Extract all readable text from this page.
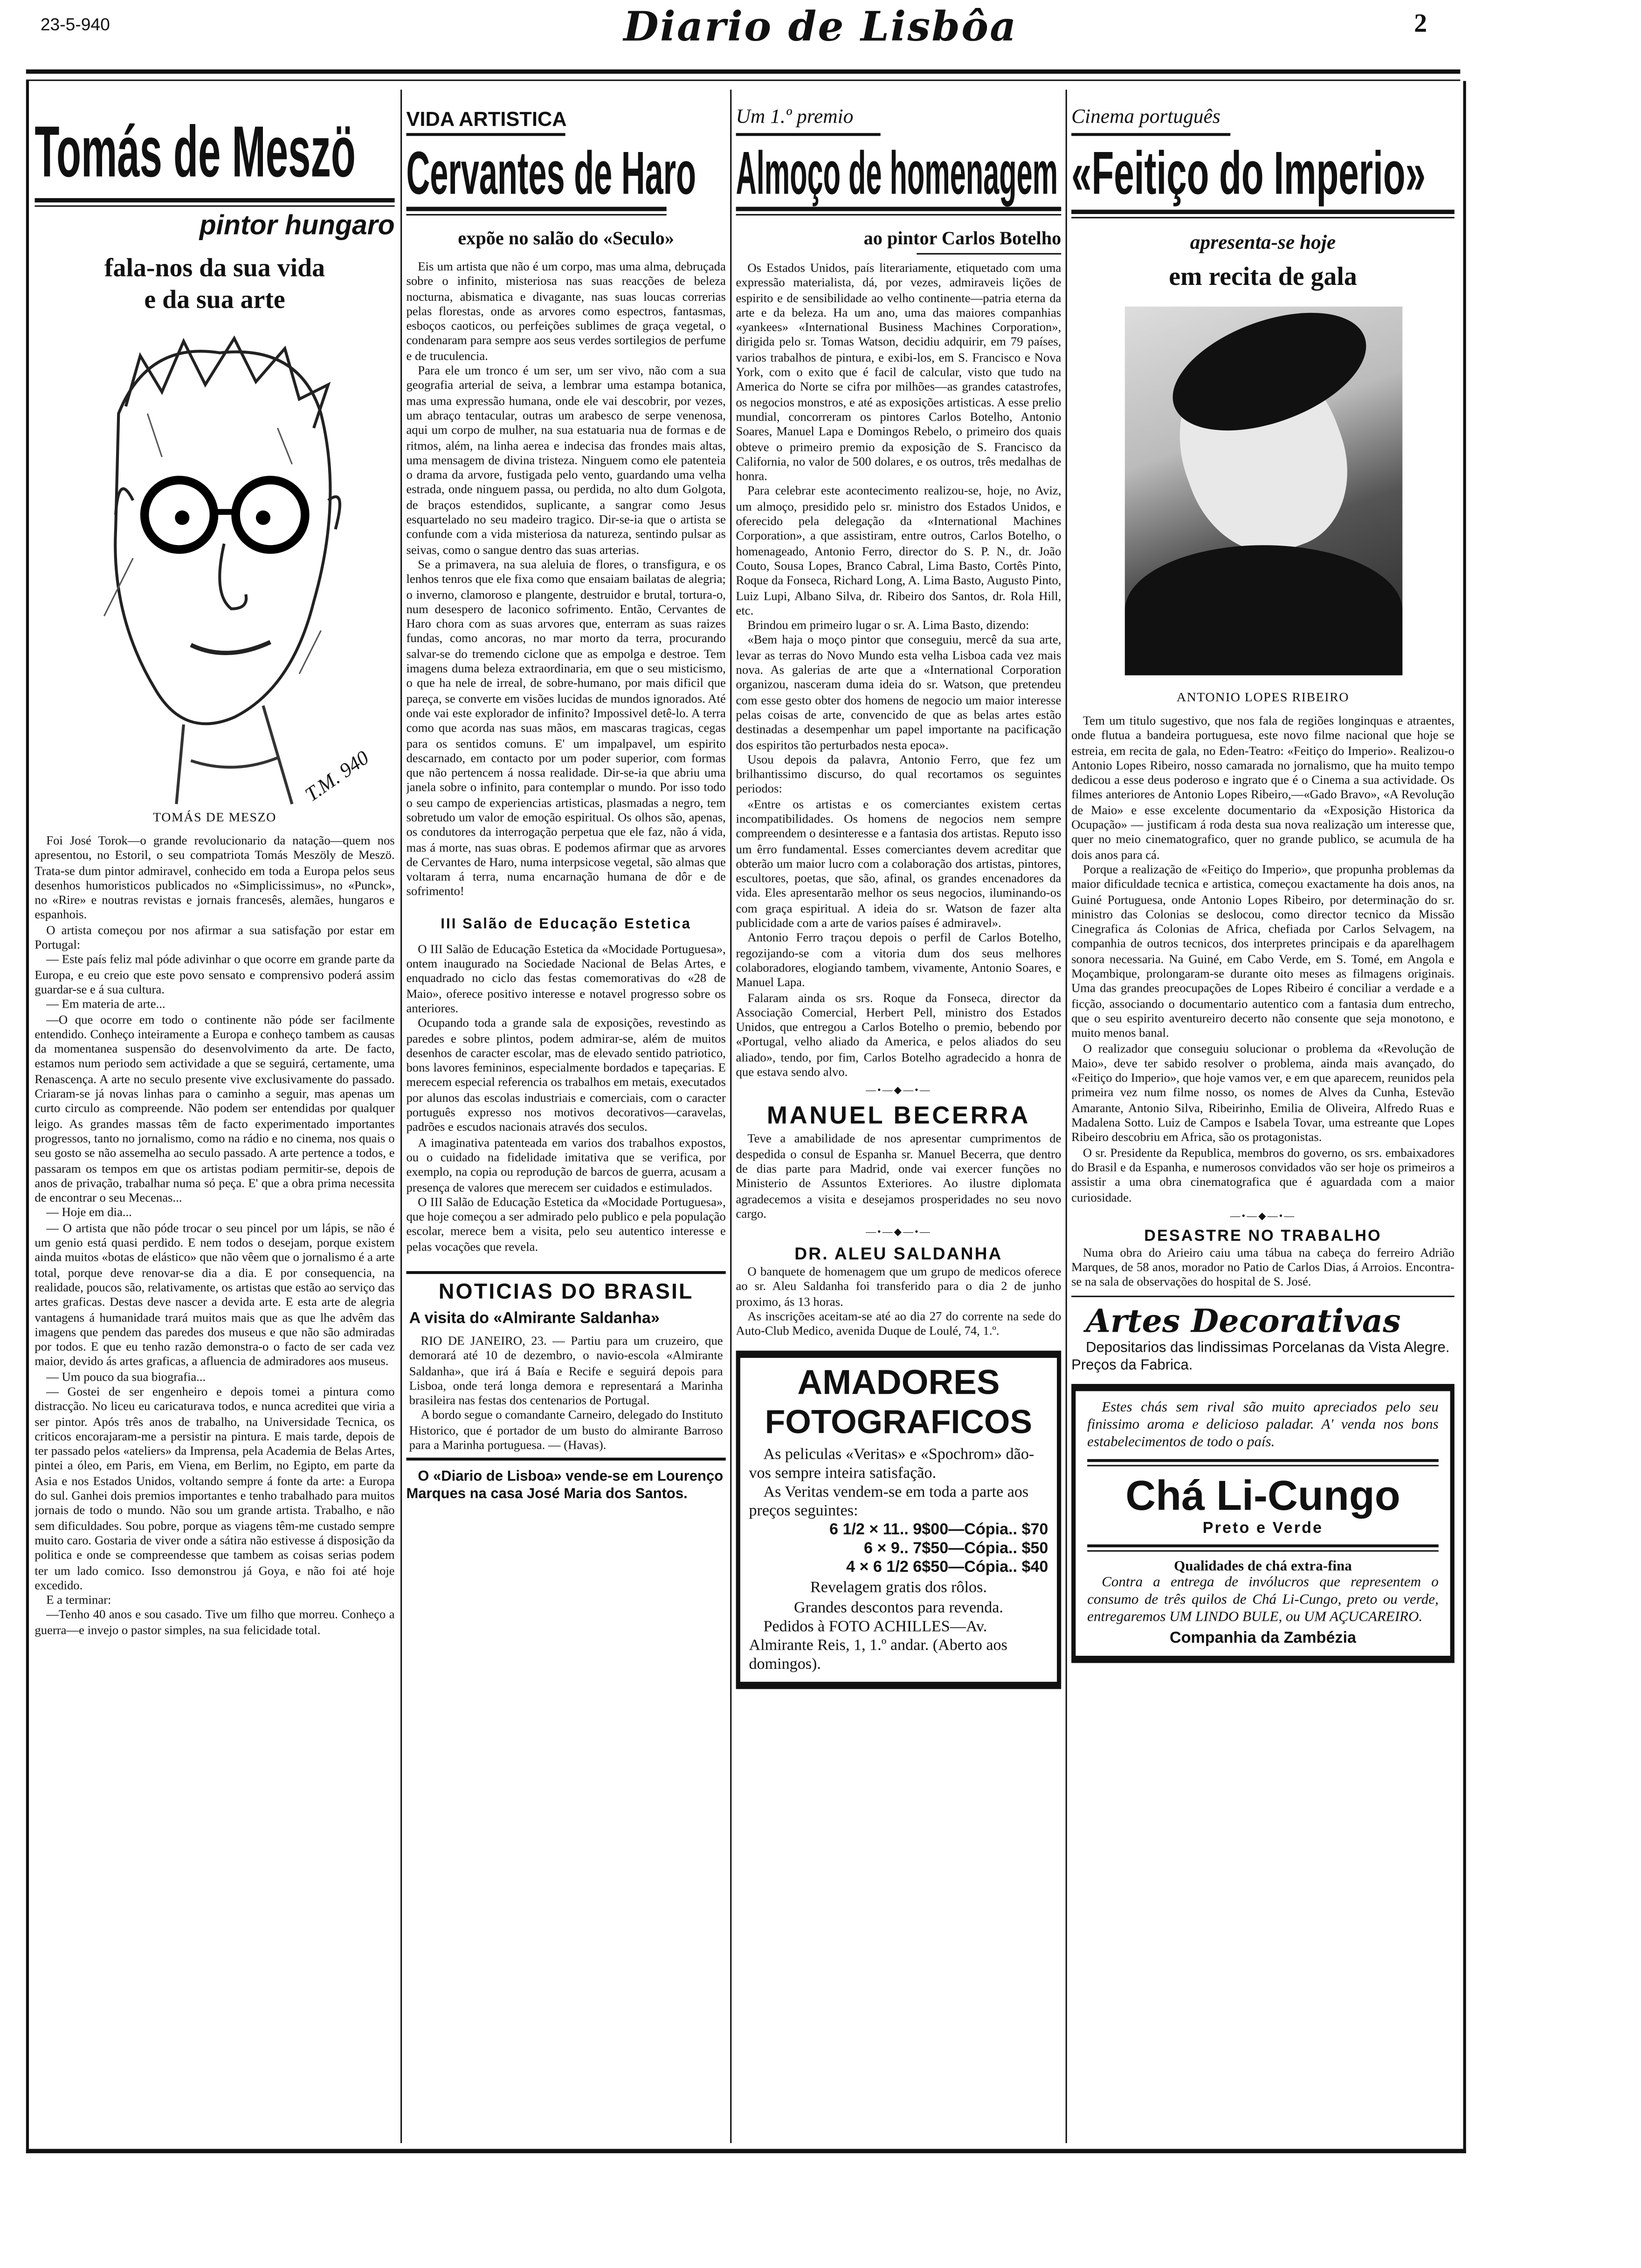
23-5-940	Diario de Lisbôa	2
Tomás de Meszö
pintor hungaro
fala-nos da sua vida
e da sua arte
T.M. 940
TOMÁS DE MESZO

Foi José Torok—o grande revolucionario da natação—quem nos apresentou, no Estoril, o seu compatriota Tomás Meszöly de Meszö. Trata-se dum pintor admiravel, conhecido em toda a Europa pelos seus desenhos humoristicos publicados no «Simplicissimus», no «Punck», no «Rire» e noutras revistas e jornais francesês, alemães, hungaros e espanhois.

O artista começou por nos afirmar a sua satisfação por estar em Portugal:

— Este país feliz mal póde adivinhar o que ocorre em grande parte da Europa, e eu creio que este povo sensato e comprensivo poderá assim guardar-se e á sua cultura.

— Em materia de arte...

—O que ocorre em todo o continente não póde ser facilmente entendido. Conheço inteiramente a Europa e conheço tambem as causas da momentanea suspensão do desenvolvimento da arte. De facto, estamos num periodo sem actividade a que se seguirá, certamente, uma Renascença. A arte no seculo presente vive exclusivamente do passado. Criaram-se já novas linhas para o caminho a seguir, mas apenas um curto circulo as compreende. Não podem ser entendidas por qualquer leigo. As grandes massas têm de facto experimentado importantes progressos, tanto no jornalismo, como na rádio e no cinema, nos quais o seu gosto se não assemelha ao seculo passado. A arte pertence a todos, e passaram os tempos em que os artistas podiam permitir-se, depois de anos de privação, trabalhar numa só peça. E' que a obra prima necessita de encontrar o seu Mecenas...

— Hoje em dia...

— O artista que não póde trocar o seu pincel por um lápis, se não é um genio está quasi perdido. E nem todos o desejam, porque existem ainda muitos «botas de elástico» que não vêem que o jornalismo é a arte total, porque deve renovar-se dia a dia. E por consequencia, na realidade, poucos são, relativamente, os artistas que estão ao serviço das artes graficas. Destas deve nascer a devida arte. E esta arte de alegria vantagens á humanidade trará muitos mais que as que lhe advêm das imagens que pendem das paredes dos museus e que não são admiradas por todos. E que eu tenho razão demonstra-o o facto de ser cada vez maior, devido ás artes graficas, a afluencia de admiradores aos museus.

— Um pouco da sua biografia...

— Gostei de ser engenheiro e depois tomei a pintura como distracção. No liceu eu caricaturava todos, e nunca acreditei que viria a ser pintor. Após três anos de trabalho, na Universidade Tecnica, os criticos encorajaram-me a persistir na pintura. E mais tarde, depois de ter passado pelos «ateliers» da Imprensa, pela Academia de Belas Artes, pintei a óleo, em Paris, em Viena, em Berlim, no Egipto, em parte da Asia e nos Estados Unidos, voltando sempre á fonte da arte: a Europa do sul. Ganhei dois premios importantes e tenho trabalhado para muitos jornais de todo o mundo. Não sou um grande artista. Trabalho, e não sem dificuldades. Sou pobre, porque as viagens têm-me custado sempre muito caro. Gostaria de viver onde a sátira não estivesse á disposição da politica e onde se compreendesse que tambem as coisas serias podem ter um lado comico. Isso demonstrou já Goya, e não foi até hoje excedido.

E a terminar:

—Tenho 40 anos e sou casado. Tive um filho que morreu. Conheço a guerra—e invejo o pastor simples, na sua felicidade total.

VIDA ARTISTICA
Cervantes de Haro
expõe no salão do «Seculo»

Eis um artista que não é um corpo, mas uma alma, debruçada sobre o infinito, misteriosa nas suas reacções de beleza nocturna, abismatica e divagante, nas suas loucas correrias pelas florestas, onde as arvores como espectros, fantasmas, esboços caoticos, ou perfeições sublimes de graça vegetal, o condenaram para sempre aos seus verdes sortilegios de perfume e de truculencia.

Para ele um tronco é um ser, um ser vivo, não com a sua geografia arterial de seiva, a lembrar uma estampa botanica, mas uma expressão humana, onde ele vai descobrir, por vezes, um abraço tentacular, outras um arabesco de serpe venenosa, aqui um corpo de mulher, na sua estatuaria nua de formas e de ritmos, além, na linha aerea e indecisa das frondes mais altas, uma mensagem de divina tristeza. Ninguem como ele patenteia o drama da arvore, fustigada pelo vento, guardando uma velha estrada, onde ninguem passa, ou perdida, no alto dum Golgota, de braços estendidos, suplicante, a sangrar como Jesus esquartelado no seu madeiro tragico. Dir-se-ia que o artista se confunde com a vida misteriosa da natureza, sentindo pulsar as seivas, como o sangue dentro das suas arterias.

Se a primavera, na sua aleluia de flores, o transfigura, e os lenhos tenros que ele fixa como que ensaiam bailatas de alegria; o inverno, clamoroso e plangente, destruidor e brutal, tortura-o, num desespero de laconico sofrimento. Então, Cervantes de Haro chora com as suas arvores que, enterram as suas raizes fundas, como ancoras, no mar morto da terra, procurando salvar-se do tremendo ciclone que as empolga e destroe. Tem imagens duma beleza extraordinaria, em que o seu misticismo, o que ha nele de irreal, de sobre-humano, por mais dificil que pareça, se converte em visões lucidas de mundos ignorados. Até onde vai este explorador de infinito? Impossivel detê-lo. A terra como que acorda nas suas mãos, em mascaras tragicas, cegas para os sentidos comuns. E' um impalpavel, um espirito descarnado, em contacto por um poder superior, com formas que não pertencem á nossa realidade. Dir-se-ia que abriu uma janela sobre o infinito, para contemplar o mundo. Por isso todo o seu campo de experiencias artisticas, plasmadas a negro, tem sobretudo um valor de emoção espiritual. Os olhos são, apenas, os condutores da interrogação perpetua que ele faz, não á vida, mas á morte, nas suas obras. E podemos afirmar que as arvores de Cervantes de Haro, numa interpsicose vegetal, são almas que voltaram á terra, numa encarnação humana de dôr e de sofrimento!

III Salão de Educação Estetica

O III Salão de Educação Estetica da «Mocidade Portuguesa», ontem inaugurado na Sociedade Nacional de Belas Artes, e enquadrado no ciclo das festas comemorativas do «28 de Maio», oferece positivo interesse e notavel progresso sobre os anteriores.

Ocupando toda a grande sala de exposições, revestindo as paredes e sobre plintos, podem admirar-se, além de muitos desenhos de caracter escolar, mas de elevado sentido patriotico, bons lavores femininos, especialmente bordados e tapeçarias. E merecem especial referencia os trabalhos em metais, executados por alunos das escolas industriais e comerciais, com o caracter português expresso nos motivos decorativos—caravelas, padrões e escudos nacionais através dos seculos.

A imaginativa patenteada em varios dos trabalhos expostos, ou o cuidado na fidelidade imitativa que se verifica, por exemplo, na copia ou reprodução de barcos de guerra, acusam a presença de valores que merecem ser cuidados e estimulados.

O III Salão de Educação Estetica da «Mocidade Portuguesa», que hoje começou a ser admirado pelo publico e pela população escolar, merece bem a visita, pelo seu autentico interesse e pelas vocações que revela.

NOTICIAS DO BRASIL
A visita do «Almirante Saldanha»

RIO DE JANEIRO, 23. — Partiu para um cruzeiro, que demorará até 10 de dezembro, o navio-escola «Almirante Saldanha», que irá á Baía e Recife e seguirá depois para Lisboa, onde terá longa demora e representará a Marinha brasileira nas festas dos centenarios de Portugal.

A bordo segue o comandante Carneiro, delegado do Instituto Historico, que é portador de um busto do almirante Barroso para a Marinha portuguesa. — (Havas).

O «Diario de Lisboa» vende-se em Lourenço Marques na casa José Maria dos Santos.
Um 1.º premio
Almoço de homenagem
ao pintor Carlos Botelho

Os Estados Unidos, país literariamente, etiquetado com uma expressão materialista, dá, por vezes, admiraveis lições de espirito e de sensibilidade ao velho continente—patria eterna da arte e da beleza. Ha um ano, uma das maiores companhias «yankees» «International Business Machines Corporation», dirigida pelo sr. Tomas Watson, decidiu adquirir, em 79 países, varios trabalhos de pintura, e exibi-los, em S. Francisco e Nova York, com o exito que é facil de calcular, visto que tudo na America do Norte se cifra por milhões—as grandes catastrofes, os negocios monstros, e até as exposições artisticas. A esse prelio mundial, concorreram os pintores Carlos Botelho, Antonio Soares, Manuel Lapa e Domingos Rebelo, o primeiro dos quais obteve o primeiro premio da exposição de S. Francisco da California, no valor de 500 dolares, e os outros, três medalhas de honra.

Para celebrar este acontecimento realizou-se, hoje, no Aviz, um almoço, presidido pelo sr. ministro dos Estados Unidos, e oferecido pela delegação da «International Machines Corporation», a que assistiram, entre outros, Carlos Botelho, o homenageado, Antonio Ferro, director do S. P. N., dr. João Couto, Sousa Lopes, Branco Cabral, Lima Basto, Cortês Pinto, Roque da Fonseca, Richard Long, A. Lima Basto, Augusto Pinto, Luiz Lupi, Albano Silva, dr. Ribeiro dos Santos, dr. Rola Hill, etc.

Brindou em primeiro lugar o sr. A. Lima Basto, dizendo:

«Bem haja o moço pintor que conseguiu, mercê da sua arte, levar as terras do Novo Mundo esta velha Lisboa cada vez mais nova. As galerias de arte que a «International Corporation organizou, nasceram duma ideia do sr. Watson, que pretendeu com esse gesto obter dos homens de negocio um maior interesse pelas coisas de arte, convencido de que as belas artes estão destinadas a desempenhar um papel importante na pacificação dos espiritos tão perturbados nesta epoca».

Usou depois da palavra, Antonio Ferro, que fez um brilhantissimo discurso, do qual recortamos os seguintes periodos:

«Entre os artistas e os comerciantes existem certas incompatibilidades. Os homens de negocios nem sempre compreendem o desinteresse e a fantasia dos artistas. Reputo isso um êrro fundamental. Esses comerciantes devem acreditar que obterão um maior lucro com a colaboração dos artistas, pintores, escultores, poetas, que são, afinal, os grandes encenadores da vida. Eles apresentarão melhor os seus negocios, iluminando-os com graça espiritual. A ideia do sr. Watson de fazer alta publicidade com a arte de varios países é admiravel».

Antonio Ferro traçou depois o perfil de Carlos Botelho, regozijando-se com a vitoria dum dos seus melhores colaboradores, elogiando tambem, vivamente, Antonio Soares, e Manuel Lapa.

Falaram ainda os srs. Roque da Fonseca, director da Associação Comercial, Herbert Pell, ministro dos Estados Unidos, que entregou a Carlos Botelho o premio, bebendo por «Portugal, velho aliado da America, e pelos aliados do seu aliado», tendo, por fim, Carlos Botelho agradecido a honra de que estava sendo alvo.

—•—◆—•—
MANUEL BECERRA

Teve a amabilidade de nos apresentar cumprimentos de despedida o consul de Espanha sr. Manuel Becerra, que dentro de dias parte para Madrid, onde vai exercer funções no Ministerio de Assuntos Exteriores. Ao ilustre diplomata agradecemos a visita e desejamos prosperidades no seu novo cargo.

—•—◆—•—
DR. ALEU SALDANHA

O banquete de homenagem que um grupo de medicos oferece ao sr. Aleu Saldanha foi transferido para o dia 2 de junho proximo, ás 13 horas.

As inscrições aceitam-se até ao dia 27 do corrente na sede do Auto-Club Medico, avenida Duque de Loulé, 74, 1.º.

AMADORES
FOTOGRAFICOS
As peliculas «Veritas» e «Spochrom» dão-vos sempre inteira satisfação.
As Veritas vendem-se em toda a parte aos preços seguintes:
6 1/2 × 11.. 9$00—Cópia.. $70
6 × 9.. 7$50—Cópia.. $50
4 × 6 1/2 6$50—Cópia.. $40
Revelagem gratis dos rôlos.
Grandes descontos para revenda.
Pedidos à FOTO ACHILLES—Av. Almirante Reis, 1, 1.º andar. (Aberto aos domingos).
Cinema português
«Feitiço do Imperio»
apresenta-se hoje
em recita de gala
ANTONIO LOPES RIBEIRO

Tem um titulo sugestivo, que nos fala de regiões longinquas e atraentes, onde flutua a bandeira portuguesa, este novo filme nacional que hoje se estreia, em recita de gala, no Eden-Teatro: «Feitiço do Imperio». Realizou-o Antonio Lopes Ribeiro, nosso camarada no jornalismo, que ha muito tempo dedicou a esse deus poderoso e ingrato que é o Cinema a sua actividade. Os filmes anteriores de Antonio Lopes Ribeiro,—«Gado Bravo», «A Revolução de Maio» e esse excelente documentario da «Exposição Historica da Ocupação» — justificam á roda desta sua nova realização um interesse que, quer no meio cinematografico, quer no grande publico, se acumula de ha dois anos para cá.

Porque a realização de «Feitiço do Imperio», que propunha problemas da maior dificuldade tecnica e artistica, começou exactamente ha dois anos, na Guiné Portuguesa, onde Antonio Lopes Ribeiro, por determinação do sr. ministro das Colonias se deslocou, como director tecnico da Missão Cinegrafica ás Colonias de Africa, chefiada por Carlos Selvagem, na companhia de outros tecnicos, dos interpretes principais e da aparelhagem sonora necessaria. Na Guiné, em Cabo Verde, em S. Tomé, em Angola e Moçambique, prolongaram-se durante oito meses as filmagens originais. Uma das grandes preocupações de Lopes Ribeiro é conciliar a verdade e a ficção, associando o documentario autentico com a fantasia dum entrecho, que o seu espirito aventureiro decerto não consente que seja monotono, e muito menos banal.

O realizador que conseguiu solucionar o problema da «Revolução de Maio», deve ter sabido resolver o problema, ainda mais avançado, do «Feitiço do Imperio», que hoje vamos ver, e em que aparecem, reunidos pela primeira vez num filme nosso, os nomes de Alves da Cunha, Estevão Amarante, Antonio Silva, Ribeirinho, Emilia de Oliveira, Alfredo Ruas e Madalena Sotto. Luiz de Campos e Isabela Tovar, uma estreante que Lopes Ribeiro descobriu em Africa, são os protagonistas.

O sr. Presidente da Republica, membros do governo, os srs. embaixadores do Brasil e da Espanha, e numerosos convidados vão ser hoje os primeiros a assistir a uma obra cinematografica que é aguardada com a maior curiosidade.

—•—◆—•—
DESASTRE NO TRABALHO

Numa obra do Arieiro caiu uma tábua na cabeça do ferreiro Adrião Marques, de 58 anos, morador no Patio de Carlos Dias, á Arroios. Encontra-se na sala de observações do hospital de S. José.

Artes Decorativas
Depositarios das lindissimas Porcelanas da Vista Alegre. Preços da Fabrica.
Estes chás sem rival são muito apreciados pelo seu finissimo aroma e delicioso paladar. A' venda nos bons estabelecimentos de todo o país.
Chá Li-Cungo
Preto e Verde
Qualidades de chá extra-fina
Contra a entrega de invólucros que representem o consumo de três quilos de Chá Li-Cungo, preto ou verde, entregaremos UM LINDO BULE, ou UM AÇUCAREIRO.
Companhia da Zambézia
